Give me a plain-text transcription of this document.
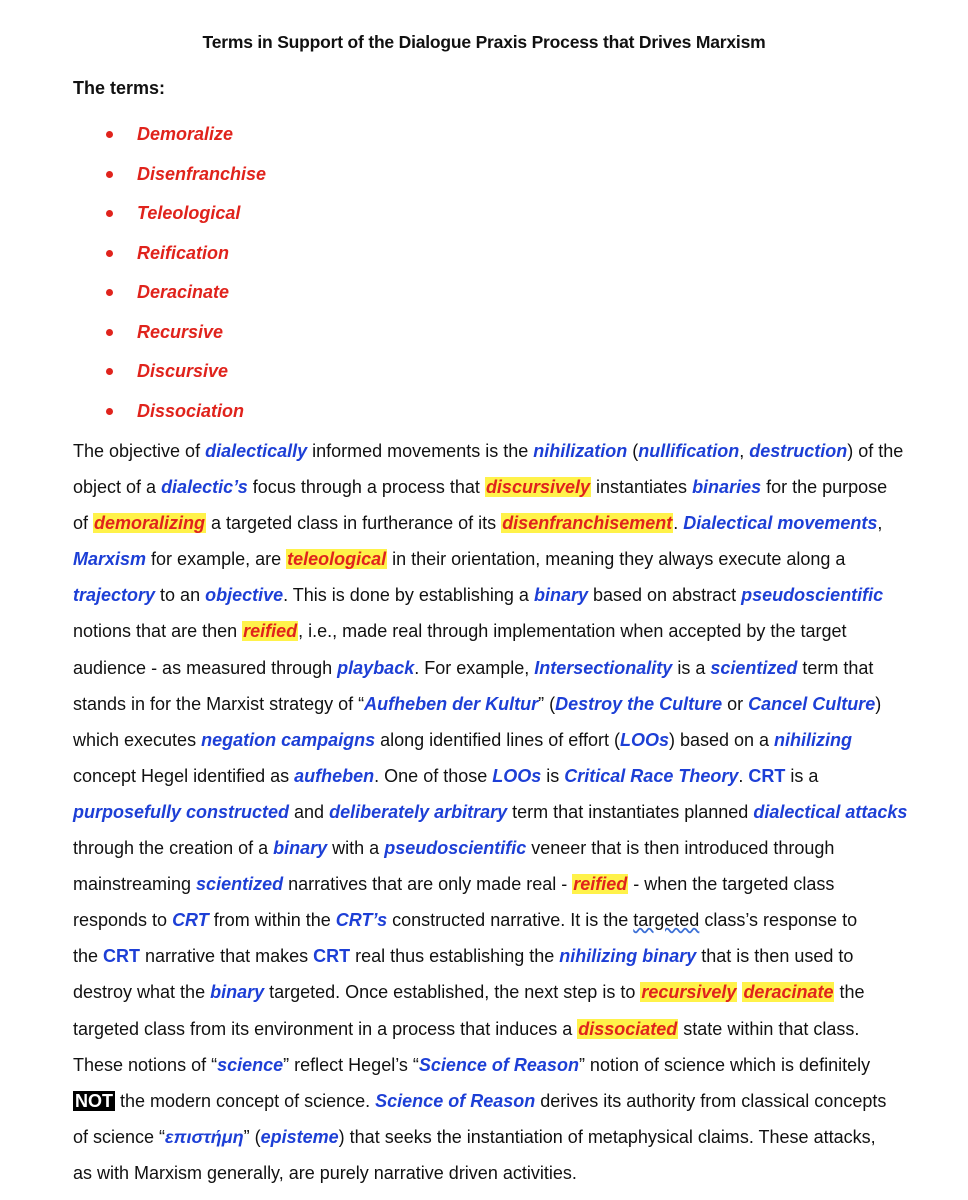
Terms in Support of the Dialogue Praxis Process that Drives Marxism
The terms:
Demoralize
Disenfranchise
Teleological
Reification
Deracinate
Recursive
Discursive
Dissociation
The objective of dialectically informed movements is the nihilization (nullification, destruction) of the
object of a dialectic’s focus through a process that discursively instantiates binaries for the purpose
of demoralizing a targeted class in furtherance of its disenfranchisement. Dialectical movements,
Marxism for example, are teleological in their orientation, meaning they always execute along a
trajectory to an objective. This is done by establishing a binary based on abstract pseudoscientific
notions that are then reified, i.e., made real through implementation when accepted by the target
audience - as measured through playback. For example, Intersectionality is a scientized term that
stands in for the Marxist strategy of “Aufheben der Kultur” (Destroy the Culture or Cancel Culture)
which executes negation campaigns along identified lines of effort (LOOs) based on a nihilizing
concept Hegel identified as aufheben. One of those LOOs is Critical Race Theory. CRT is a
purposefully constructed and deliberately arbitrary term that instantiates planned dialectical attacks
through the creation of a binary with a pseudoscientific veneer that is then introduced through
mainstreaming scientized narratives that are only made real - reified - when the targeted class
responds to CRT from within the CRT’s constructed narrative. It is the targeted class’s response to
the CRT narrative that makes CRT real thus establishing the nihilizing binary that is then used to
destroy what the binary targeted. Once established, the next step is to recursively deracinate the
targeted class from its environment in a process that induces a dissociated state within that class.
These notions of “science” reflect Hegel’s “Science of Reason” notion of science which is definitely
NOT the modern concept of science. Science of Reason derives its authority from classical concepts
of science “επιστήμη” (episteme) that seeks the instantiation of metaphysical claims. These attacks,
as with Marxism generally, are purely narrative driven activities.
